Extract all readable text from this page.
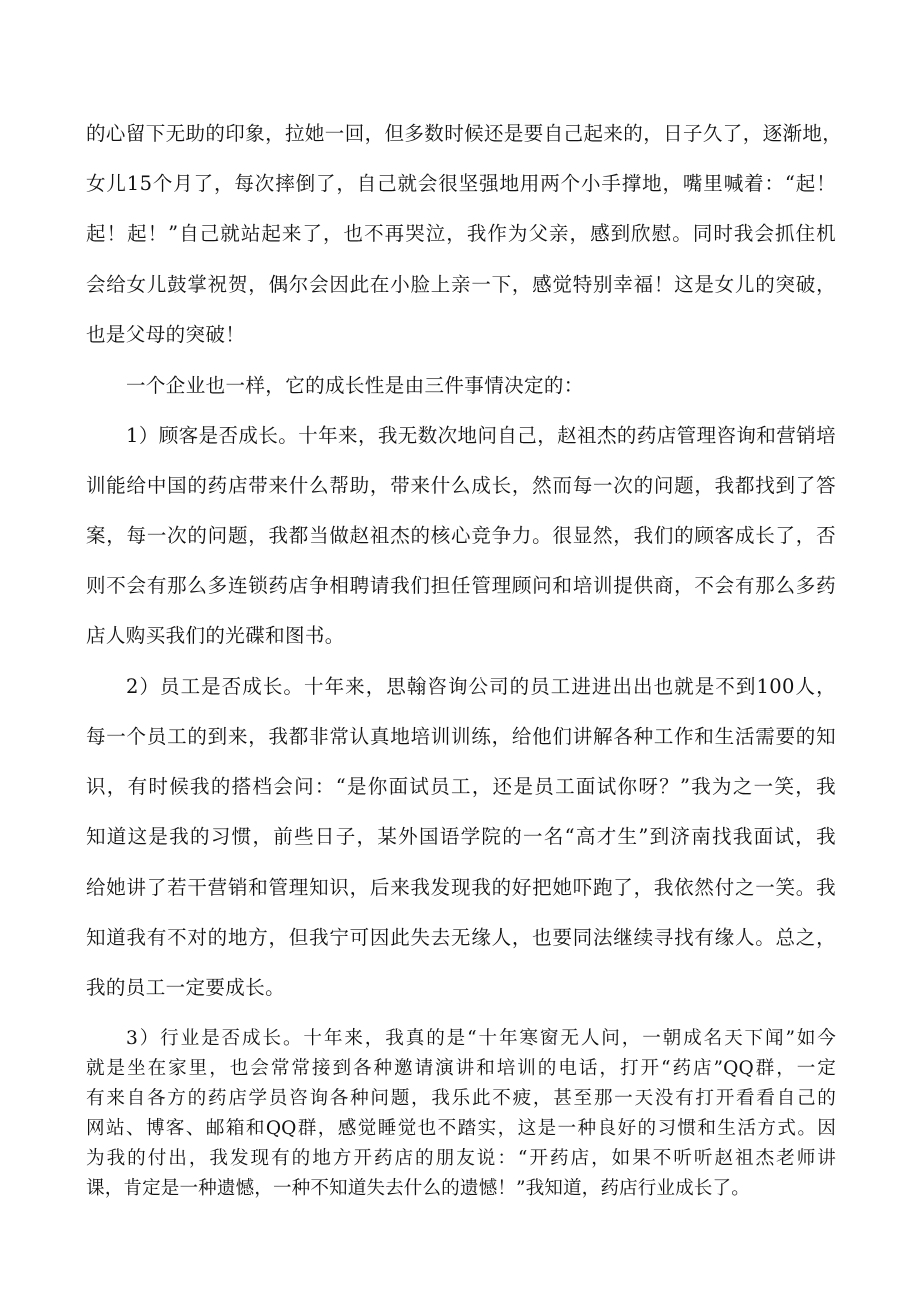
的心留下无助的印象，拉她一回，但多数时候还是要自己起来的，日子久了，逐渐地，
女儿15个月了，每次摔倒了，自己就会很坚强地用两个小手撑地，嘴里喊着：“起！
起！起！”自己就站起来了，也不再哭泣，我作为父亲，感到欣慰。同时我会抓住机
会给女儿鼓掌祝贺，偶尔会因此在小脸上亲一下，感觉特别幸福！这是女儿的突破，
也是父母的突破！
一个企业也一样，它的成长性是由三件事情决定的：
1）顾客是否成长。十年来，我无数次地问自己，赵祖杰的药店管理咨询和营销培
训能给中国的药店带来什么帮助，带来什么成长，然而每一次的问题，我都找到了答
案，每一次的问题，我都当做赵祖杰的核心竞争力。很显然，我们的顾客成长了，否
则不会有那么多连锁药店争相聘请我们担任管理顾问和培训提供商，不会有那么多药
店人购买我们的光碟和图书。
2）员工是否成长。十年来，思翰咨询公司的员工进进出出也就是不到100人，
每一个员工的到来，我都非常认真地培训训练，给他们讲解各种工作和生活需要的知
识，有时候我的搭档会问：“是你面试员工，还是员工面试你呀？”我为之一笑，我
知道这是我的习惯，前些日子，某外国语学院的一名“高才生”到济南找我面试，我
给她讲了若干营销和管理知识，后来我发现我的好把她吓跑了，我依然付之一笑。我
知道我有不对的地方，但我宁可因此失去无缘人，也要同法继续寻找有缘人。总之，
我的员工一定要成长。
3）行业是否成长。十年来，我真的是“十年寒窗无人问，一朝成名天下闻”如今
就是坐在家里，也会常常接到各种邀请演讲和培训的电话，打开“药店”QQ群，一定
有来自各方的药店学员咨询各种问题，我乐此不疲，甚至那一天没有打开看看自己的
网站、博客、邮箱和QQ群，感觉睡觉也不踏实，这是一种良好的习惯和生活方式。因
为我的付出，我发现有的地方开药店的朋友说：“开药店，如果不听听赵祖杰老师讲
课，肯定是一种遗憾，一种不知道失去什么的遗憾！”我知道，药店行业成长了。
